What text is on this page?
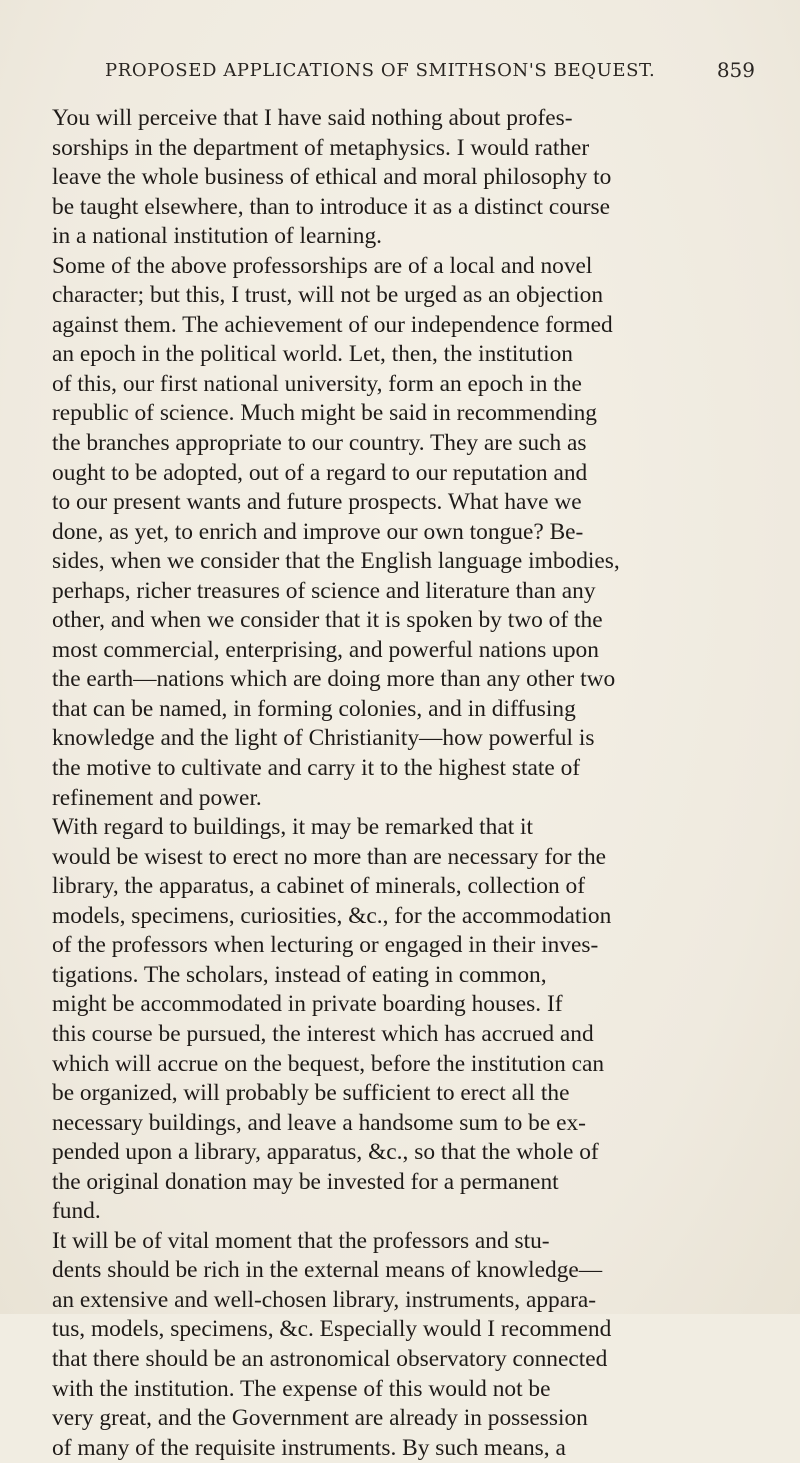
PROPOSED APPLICATIONS OF SMITHSON'S BEQUEST.	859
You will perceive that I have said nothing about profes-
sorships in the department of metaphysics. I would rather
leave the whole business of ethical and moral philosophy to
be taught elsewhere, than to introduce it as a distinct course
in a national institution of learning.
Some of the above professorships are of a local and novel
character; but this, I trust, will not be urged as an objection
against them. The achievement of our independence formed
an epoch in the political world. Let, then, the institution
of this, our first national university, form an epoch in the
republic of science. Much might be said in recommending
the branches appropriate to our country. They are such as
ought to be adopted, out of a regard to our reputation and
to our present wants and future prospects. What have we
done, as yet, to enrich and improve our own tongue? Be-
sides, when we consider that the English language imbodies,
perhaps, richer treasures of science and literature than any
other, and when we consider that it is spoken by two of the
most commercial, enterprising, and powerful nations upon
the earth—nations which are doing more than any other two
that can be named, in forming colonies, and in diffusing
knowledge and the light of Christianity—how powerful is
the motive to cultivate and carry it to the highest state of
refinement and power.
With regard to buildings, it may be remarked that it
would be wisest to erect no more than are necessary for the
library, the apparatus, a cabinet of minerals, collection of
models, specimens, curiosities, &c., for the accommodation
of the professors when lecturing or engaged in their inves-
tigations. The scholars, instead of eating in common,
might be accommodated in private boarding houses. If
this course be pursued, the interest which has accrued and
which will accrue on the bequest, before the institution can
be organized, will probably be sufficient to erect all the
necessary buildings, and leave a handsome sum to be ex-
pended upon a library, apparatus, &c., so that the whole of
the original donation may be invested for a permanent
fund.
It will be of vital moment that the professors and stu-
dents should be rich in the external means of knowledge—
an extensive and well-chosen library, instruments, appara-
tus, models, specimens, &c. Especially would I recommend
that there should be an astronomical observatory connected
with the institution. The expense of this would not be
very great, and the Government are already in possession
of many of the requisite instruments. By such means, a
